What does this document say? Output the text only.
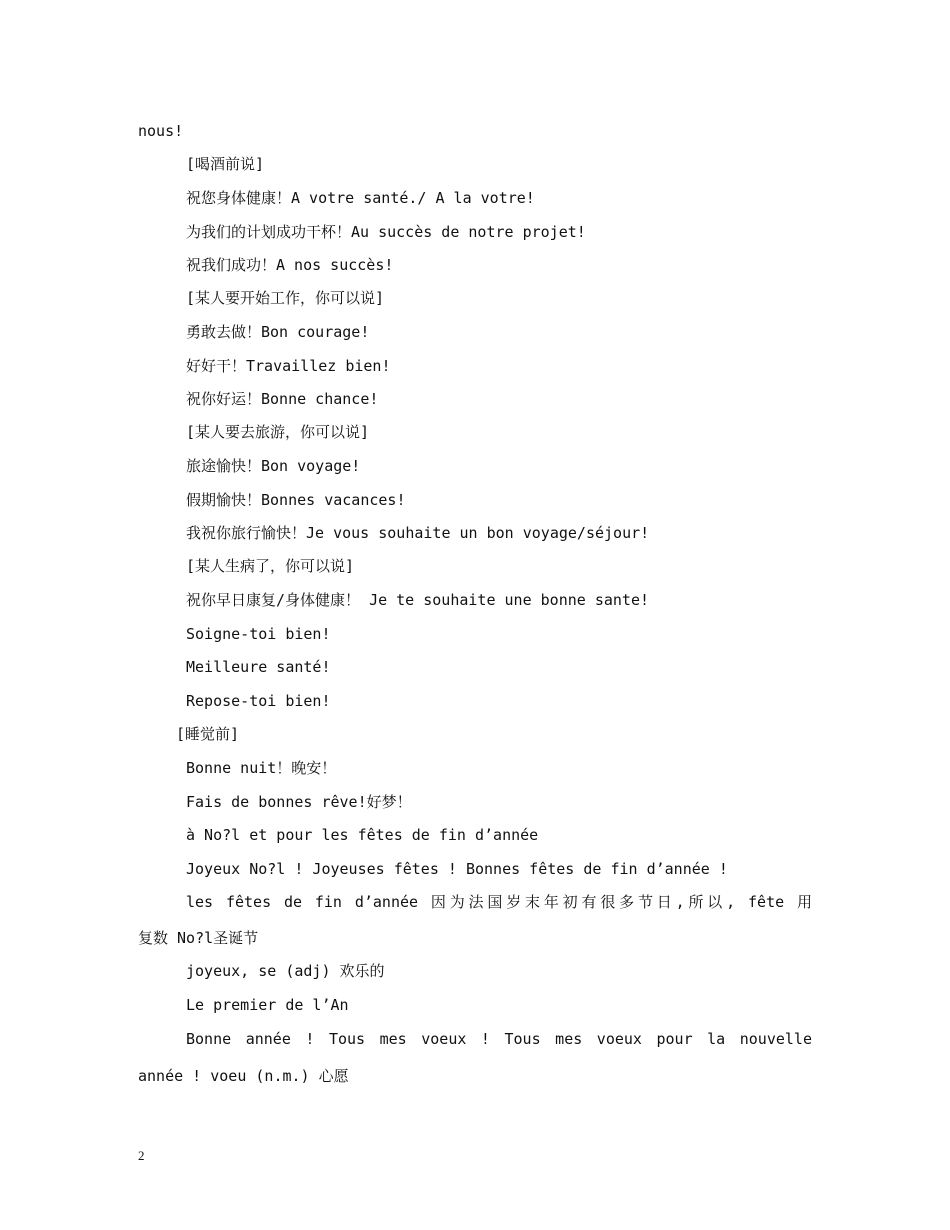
nous!
[喝酒前说]
祝您身体健康！A votre santé./ A la votre!
为我们的计划成功干杯！Au succès de notre projet!
祝我们成功！A nos succès!
[某人要开始工作，你可以说]
勇敢去做！Bon courage!
好好干！Travaillez bien!
祝你好运！Bonne chance!
[某人要去旅游，你可以说]
旅途愉快！Bon voyage!
假期愉快！Bonnes vacances!
我祝你旅行愉快！Je vous souhaite un bon voyage/séjour!
[某人生病了，你可以说]
祝你早日康复/身体健康！ Je te souhaite une bonne sante!
Soigne-toi bien!
Meilleure santé!
Repose-toi bien!
[睡觉前]
Bonne nuit！晚安！
Fais de bonnes rêve!好梦！
à No?l et pour les fêtes de fin d’année
Joyeux No?l ! Joyeuses fêtes ! Bonnes fêtes de fin d’année !
les fêtes de fin d’année 因为法国岁末年初有很多节日,所以, fête 用
复数 No?l圣诞节
joyeux, se (adj) 欢乐的
Le premier de l’An
Bonne année ! Tous mes voeux ! Tous mes voeux pour la nouvelle
année ! voeu (n.m.) 心愿
2
